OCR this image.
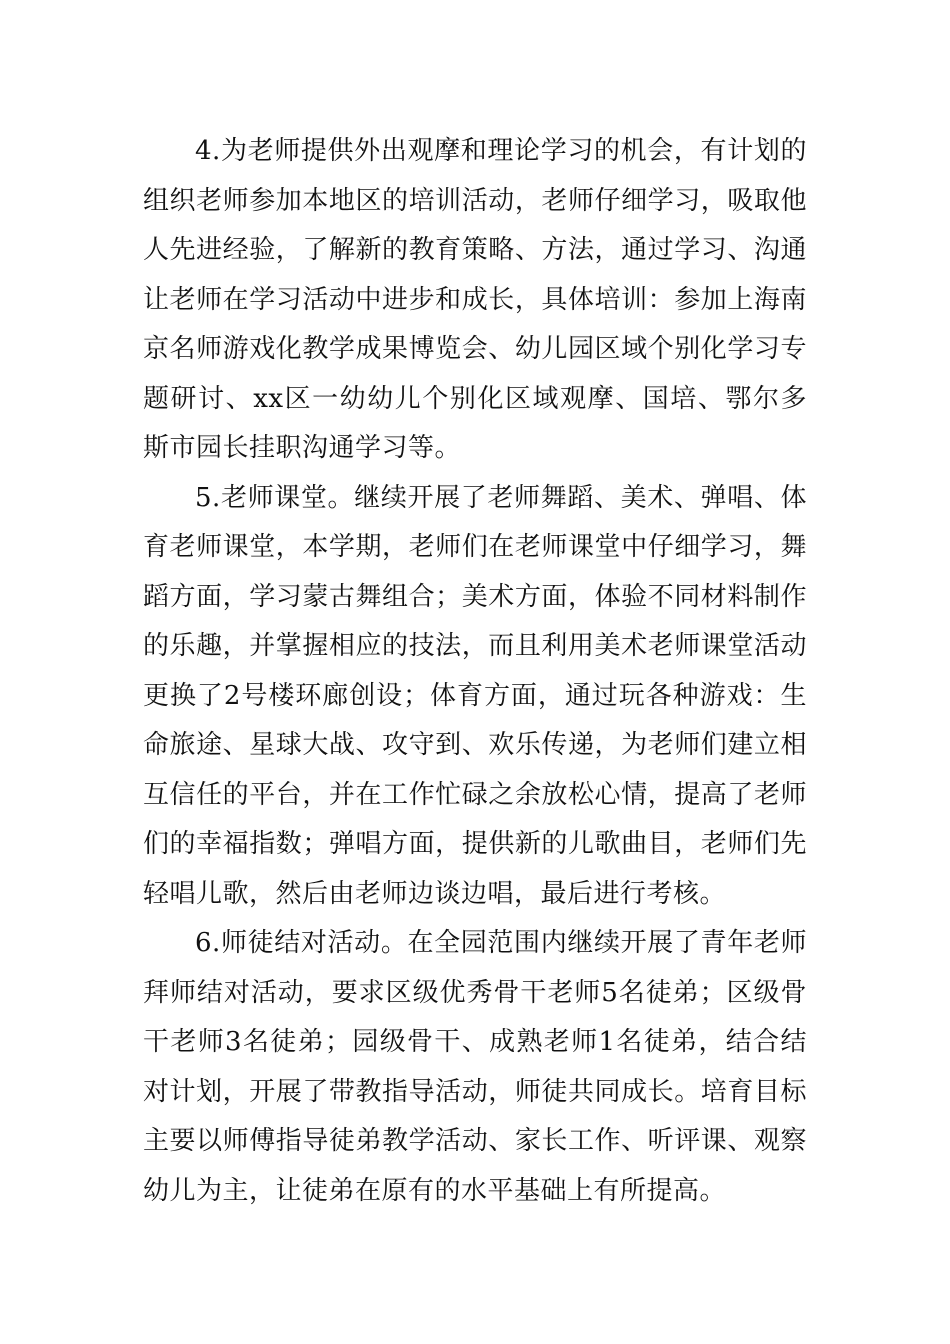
4.为老师提供外出观摩和理论学习的机会，有计划的组织老师参加本地区的培训活动，老师仔细学习，吸取他人先进经验，了解新的教育策略、方法，通过学习、沟通让老师在学习活动中进步和成长，具体培训：参加上海南京名师游戏化教学成果博览会、幼儿园区域个别化学习专题研讨、xx区一幼幼儿个别化区域观摩、国培、鄂尔多斯市园长挂职沟通学习等。

5.老师课堂。继续开展了老师舞蹈、美术、弹唱、体育老师课堂，本学期，老师们在老师课堂中仔细学习，舞蹈方面，学习蒙古舞组合；美术方面，体验不同材料制作的乐趣，并掌握相应的技法，而且利用美术老师课堂活动更换了2号楼环廊创设；体育方面，通过玩各种游戏：生命旅途、星球大战、攻守到、欢乐传递，为老师们建立相互信任的平台，并在工作忙碌之余放松心情，提高了老师们的幸福指数；弹唱方面，提供新的儿歌曲目，老师们先轻唱儿歌，然后由老师边谈边唱，最后进行考核。

6.师徒结对活动。在全园范围内继续开展了青年老师拜师结对活动，要求区级优秀骨干老师5名徒弟；区级骨干老师3名徒弟；园级骨干、成熟老师1名徒弟，结合结对计划，开展了带教指导活动，师徒共同成长。培育目标主要以师傅指导徒弟教学活动、家长工作、听评课、观察幼儿为主，让徒弟在原有的水平基础上有所提高。
